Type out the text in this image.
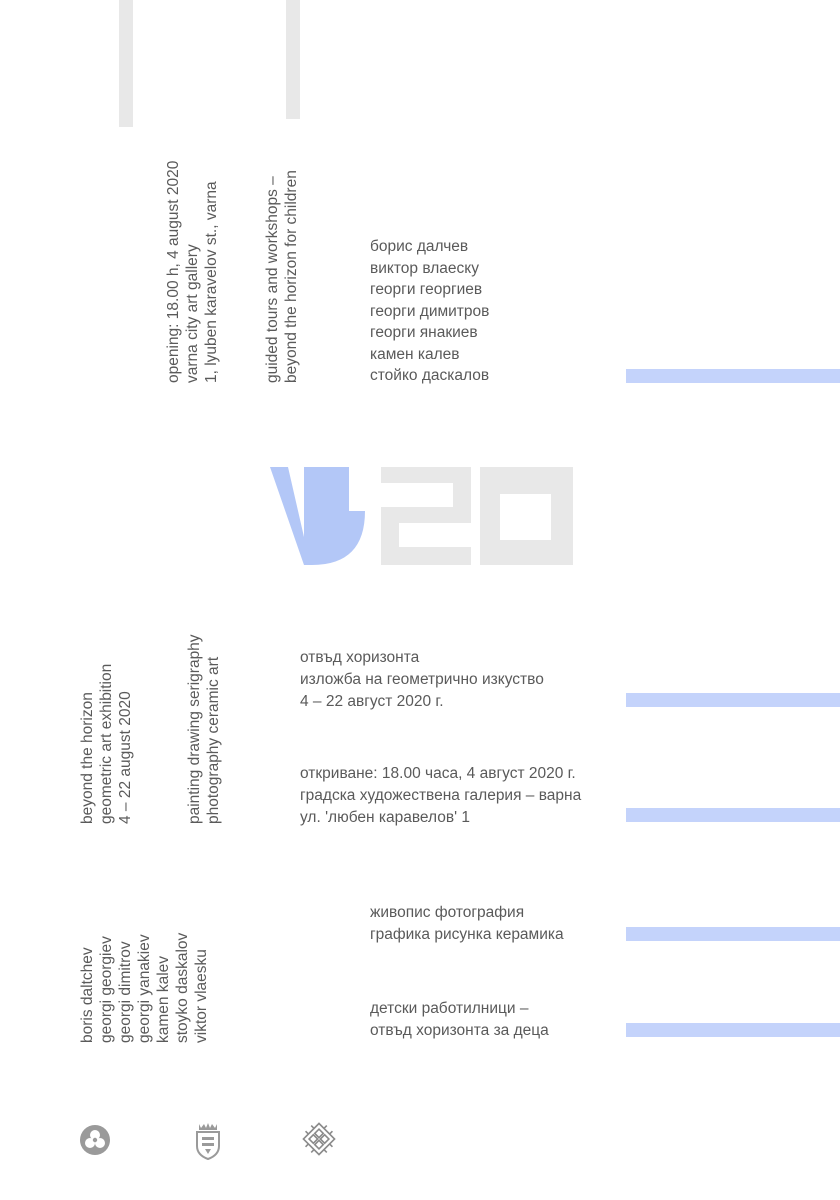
opening: 18.00 h, 4 august 2020 varna city art gallery 1, lyuben karavelov st., varna	guided tours and workshops – beyond the horizon for children	борис далчев
виктор влаеску
георги георгиев
георги димитров
георги янакиев
камен калев
стойко даскалов
beyond the horizon geometric art exhibition 4 – 22 august 2020	painting drawing serigraphy photography ceramic art	отвъд хоризонта
изложба на геометрично изкуство
4 – 22 август 2020 г.
откриване: 18.00 часа, 4 август 2020 г.
градска художествена галерия – варна
ул. 'любен каравелов' 1
boris daltchev georgi georgiev georgi dimitrov georgi yanakiev kamen kalev stoyko daskalov viktor vlaesku
живопис фотография
графика рисунка керамика
детски работилници –
отвъд хоризонта за деца
